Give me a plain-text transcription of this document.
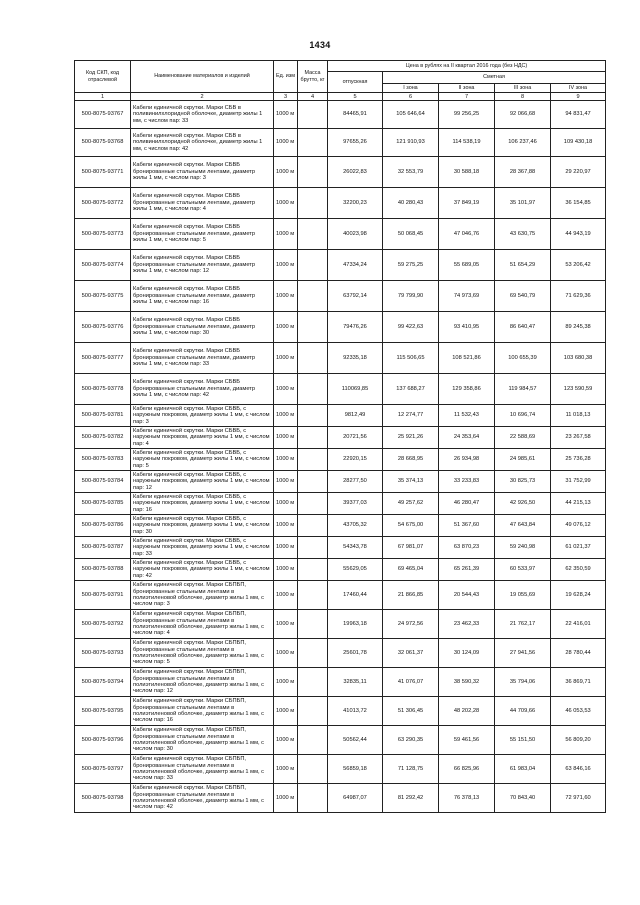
1434
Код СКП, код отраслевой	Наименование материалов и изделий	Ед. изм	Масса брутто, кг	Цена в рублях на II квартал 2016 года (без НДС)				
				отпускная	Сметная			
					I зона	II зона	III зона	IV зона
1	2	3	4	5	6	7	8	9
500-8075-93767	Кабели единичной скрутки. Марки СБВ в поливинилхлоридной оболочке, диаметр жилы 1 мм, с числом пар: 33	1000 м		84465,91	105 646,64	99 256,25	92 066,68	94 831,47
500-8075-93768	Кабели единичной скрутки. Марки СБВ в поливинилхлоридной оболочке, диаметр жилы 1 мм, с числом пар: 42	1000 м		97655,26	121 910,93	114 538,19	106 237,46	109 430,18
500-8075-93771	Кабели единичной скрутки. Марки СБВБ бронированные стальными лентами, диаметр жилы 1 мм, с числом пар: 3	1000 м		26022,83	32 553,79	30 588,18	28 367,88	29 220,97
500-8075-93772	Кабели единичной скрутки. Марки СБВБ бронированные стальными лентами, диаметр жилы 1 мм, с числом пар: 4	1000 м		32200,23	40 280,43	37 849,19	35 101,97	36 154,85
500-8075-93773	Кабели единичной скрутки. Марки СБВБ бронированные стальными лентами, диаметр жилы 1 мм, с числом пар: 5	1000 м		40023,98	50 068,45	47 046,76	43 630,75	44 943,19
500-8075-93774	Кабели единичной скрутки. Марки СБВБ бронированные стальными лентами, диаметр жилы 1 мм, с числом пар: 12	1000 м		47334,24	59 275,25	55 689,05	51 654,29	53 206,42
500-8075-93775	Кабели единичной скрутки. Марки СБВБ бронированные стальными лентами, диаметр жилы 1 мм, с числом пар: 16	1000 м		63792,14	79 799,90	74 973,69	69 540,79	71 629,36
500-8075-93776	Кабели единичной скрутки. Марки СБВБ бронированные стальными лентами, диаметр жилы 1 мм, с числом пар: 30	1000 м		79476,26	99 422,63	93 410,95	86 640,47	89 245,38
500-8075-93777	Кабели единичной скрутки. Марки СБВБ бронированные стальными лентами, диаметр жилы 1 мм, с числом пар: 33	1000 м		92335,18	115 506,65	108 521,86	100 655,39	103 680,38
500-8075-93778	Кабели единичной скрутки. Марки СБВБ бронированные стальными лентами, диаметр жилы 1 мм, с числом пар: 42	1000 м		110069,85	137 688,27	129 358,86	119 984,57	123 590,59
500-8075-93781	Кабели единичной скрутки. Марки СБВБ, с наружным покровом, диаметр жилы 1 мм, с числом пар: 3	1000 м		9812,49	12 274,77	11 532,43	10 696,74	11 018,13
500-8075-93782	Кабели единичной скрутки. Марки СБВБ, с наружным покровом, диаметр жилы 1 мм, с числом пар: 4	1000 м		20721,56	25 921,26	24 353,64	22 588,69	23 267,58
500-8075-93783	Кабели единичной скрутки. Марки СБВБ, с наружным покровом, диаметр жилы 1 мм, с числом пар: 5	1000 м		22920,15	28 668,95	26 934,98	24 985,61	25 736,28
500-8075-93784	Кабели единичной скрутки. Марки СБВБ, с наружным покровом, диаметр жилы 1 мм, с числом пар: 12	1000 м		28277,50	35 374,13	33 233,83	30 825,73	31 752,99
500-8075-93785	Кабели единичной скрутки. Марки СБВБ, с наружным покровом, диаметр жилы 1 мм, с числом пар: 16	1000 м		39377,03	49 257,62	46 280,47	42 926,50	44 215,13
500-8075-93786	Кабели единичной скрутки. Марки СБВБ, с наружным покровом, диаметр жилы 1 мм, с числом пар: 30	1000 м		43705,32	54 675,00	51 367,60	47 643,84	49 076,12
500-8075-93787	Кабели единичной скрутки. Марки СБВБ, с наружным покровом, диаметр жилы 1 мм, с числом пар: 33	1000 м		54343,78	67 981,07	63 870,23	59 240,98	61 021,37
500-8075-93788	Кабели единичной скрутки. Марки СБВБ, с наружным покровом, диаметр жилы 1 мм, с числом пар: 42	1000 м		55629,05	69 465,04	65 261,39	60 533,97	62 350,59
500-8075-93791	Кабели единичной скрутки. Марки СБПБП, бронированные стальными лентами в полиэтиленовой оболочке, диаметр жилы 1 мм, с числом пар: 3	1000 м		17460,44	21 866,85	20 544,43	19 055,69	19 628,24
500-8075-93792	Кабели единичной скрутки. Марки СБПБП, бронированные стальными лентами в полиэтиленовой оболочке, диаметр жилы 1 мм, с числом пар: 4	1000 м		19963,18	24 972,56	23 462,33	21 762,17	22 416,01
500-8075-93793	Кабели единичной скрутки. Марки СБПБП, бронированные стальными лентами в полиэтиленовой оболочке, диаметр жилы 1 мм, с числом пар: 5	1000 м		25601,78	32 061,37	30 124,09	27 941,56	28 780,44
500-8075-93794	Кабели единичной скрутки. Марки СБПБП, бронированные стальными лентами в полиэтиленовой оболочке, диаметр жилы 1 мм, с числом пар: 12	1000 м		32835,11	41 076,07	38 590,32	35 794,06	36 869,71
500-8075-93795	Кабели единичной скрутки. Марки СБПБП, бронированные стальными лентами в полиэтиленовой оболочке, диаметр жилы 1 мм, с числом пар: 16	1000 м		41013,72	51 306,45	48 202,28	44 709,66	46 053,53
500-8075-93796	Кабели единичной скрутки. Марки СБПБП, бронированные стальными лентами в полиэтиленовой оболочке, диаметр жилы 1 мм, с числом пар: 30	1000 м		50562,44	63 290,35	59 461,56	55 151,50	56 809,20
500-8075-93797	Кабели единичной скрутки. Марки СБПБП, бронированные стальными лентами в полиэтиленовой оболочке, диаметр жилы 1 мм, с числом пар: 33	1000 м		56859,18	71 128,75	66 825,96	61 983,04	63 846,16
500-8075-93798	Кабели единичной скрутки. Марки СБПБП, бронированные стальными лентами в полиэтиленовой оболочке, диаметр жилы 1 мм, с числом пар: 42	1000 м		64987,07	81 292,42	76 378,13	70 843,40	72 971,60
